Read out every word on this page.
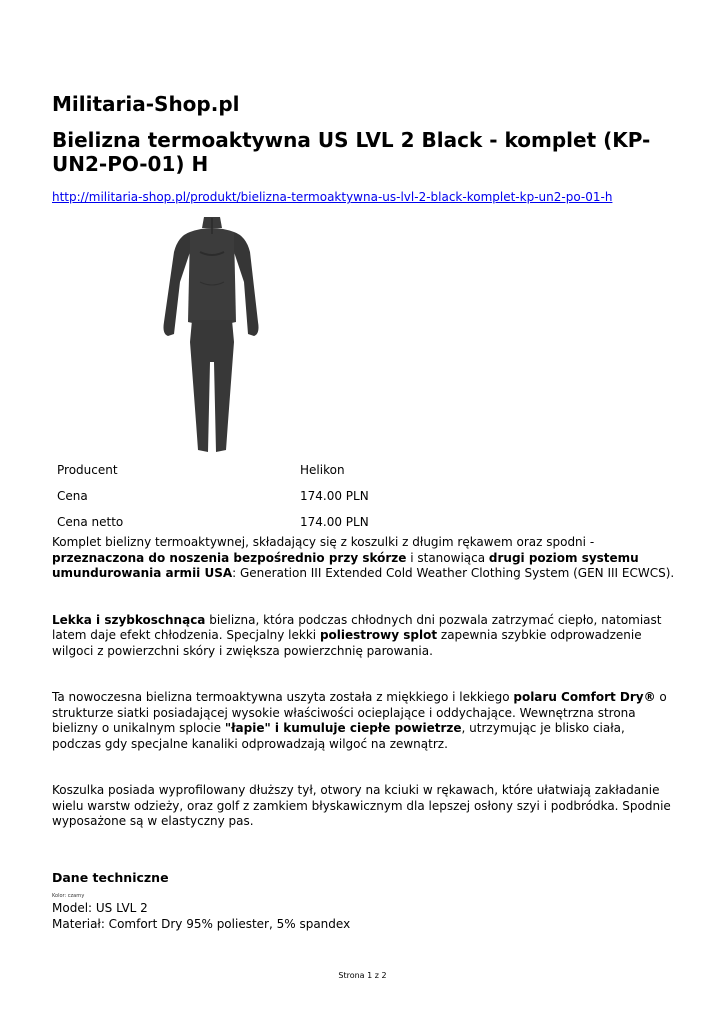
Militaria-Shop.pl
Bielizna termoaktywna US LVL 2 Black - komplet (KP-UN2-PO-01) H
http://militaria-shop.pl/produkt/bielizna-termoaktywna-us-lvl-2-black-komplet-kp-un2-po-01-h
Producent	Helikon
Cena	174.00 PLN
Cena netto	174.00 PLN

Komplet bielizny termoaktywnej, składający się z koszulki z długim rękawem oraz spodni - przeznaczona do noszenia bezpośrednio przy skórze i stanowiąca drugi poziom systemu umundurowania armii USA: Generation III Extended Cold Weather Clothing System (GEN III ECWCS).

Lekka i szybkoschnąca bielizna, która podczas chłodnych dni pozwala zatrzymać ciepło, natomiast latem daje efekt chłodzenia. Specjalny lekki poliestrowy splot zapewnia szybkie odprowadzenie wilgoci z powierzchni skóry i zwiększa powierzchnię parowania.

Ta nowoczesna bielizna termoaktywna uszyta została z miękkiego i lekkiego polaru Comfort Dry® o strukturze siatki posiadającej wysokie właściwości ocieplające i oddychające. Wewnętrzna strona bielizny o unikalnym splocie "łapie" i kumuluje ciepłe powietrze, utrzymując je blisko ciała, podczas gdy specjalne kanaliki odprowadzają wilgoć na zewnątrz.

Koszulka posiada wyprofilowany dłuższy tył, otwory na kciuki w rękawach, które ułatwiają zakładanie wielu warstw odzieży, oraz golf z zamkiem błyskawicznym dla lepszej osłony szyi i podbródka. Spodnie wyposażone są w elastyczny pas.

Dane techniczne
Kolor: czarny
Model: US LVL 2
Materiał: Comfort Dry 95% poliester, 5% spandex
Strona 1 z 2
